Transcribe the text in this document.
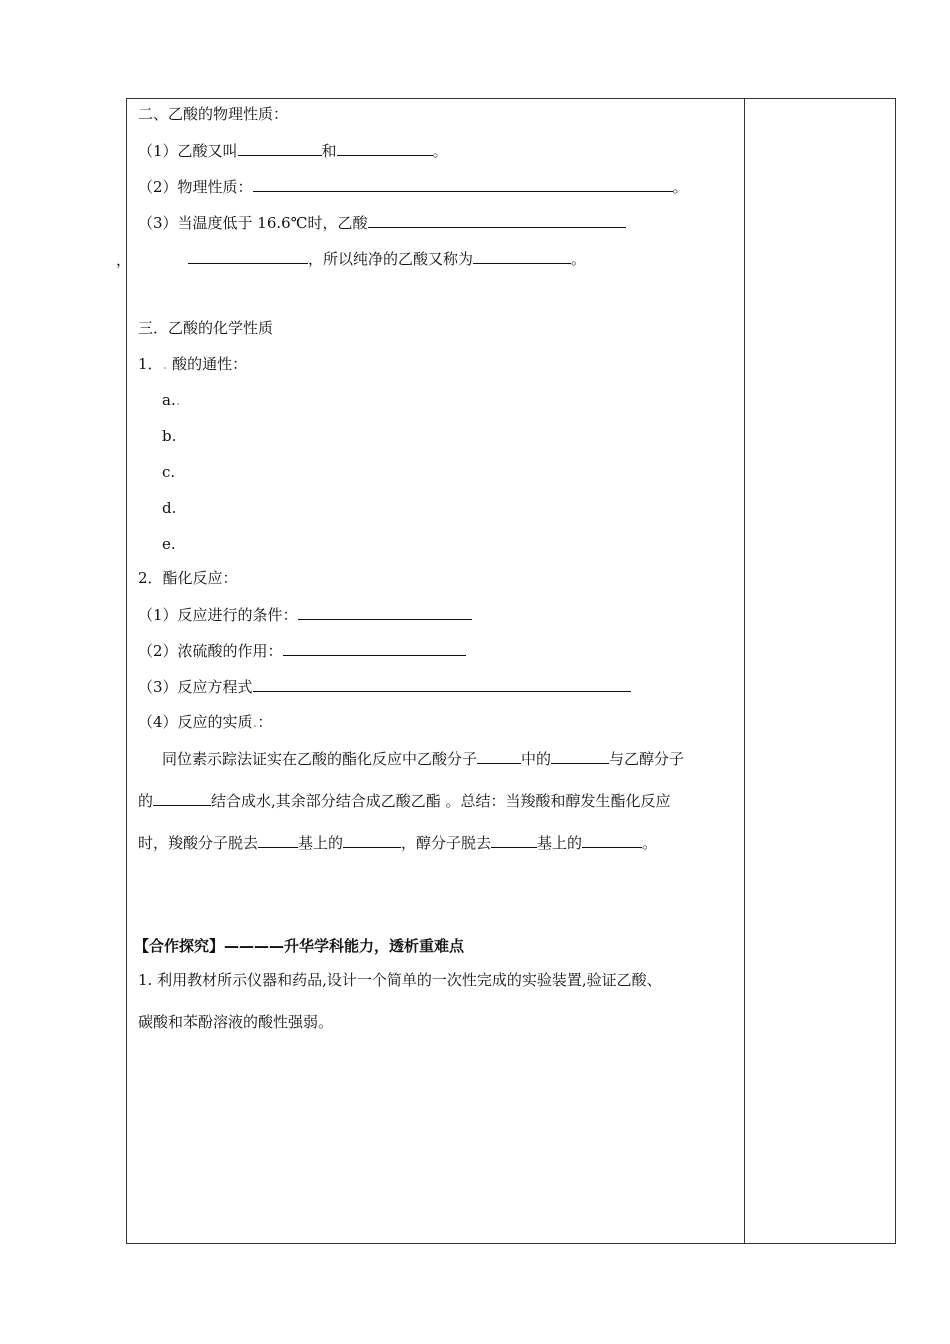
，
二、乙酸的物理性质：
（1）乙酸又叫	和	。
（2）物理性质：	。
（3）当温度低于 16.6℃时，乙酸
，所以纯净的乙酸又称为	。
三．乙酸的化学性质
1．. 酸的通性：
a..
b.
c.
d.
e.
2．酯化反应：
（1）反应进行的条件：
（2）浓硫酸的作用：
（3）反应方程式
（4）反应的实质.：
同位素示踪法证实在乙酸的酯化反应中乙酸分子	中的	与乙醇分子
的	结合成水,其余部分结合成乙酸乙酯 。总结：当羧酸和醇发生酯化反应
时，羧酸分子脱去	基上的	，醇分子脱去	基上的	。
【合作探究】————升华学科能力，透析重难点
1. 利用教材所示仪器和药品,设计一个简单的一次性完成的实验装置,验证乙酸、
碳酸和苯酚溶液的酸性强弱。
